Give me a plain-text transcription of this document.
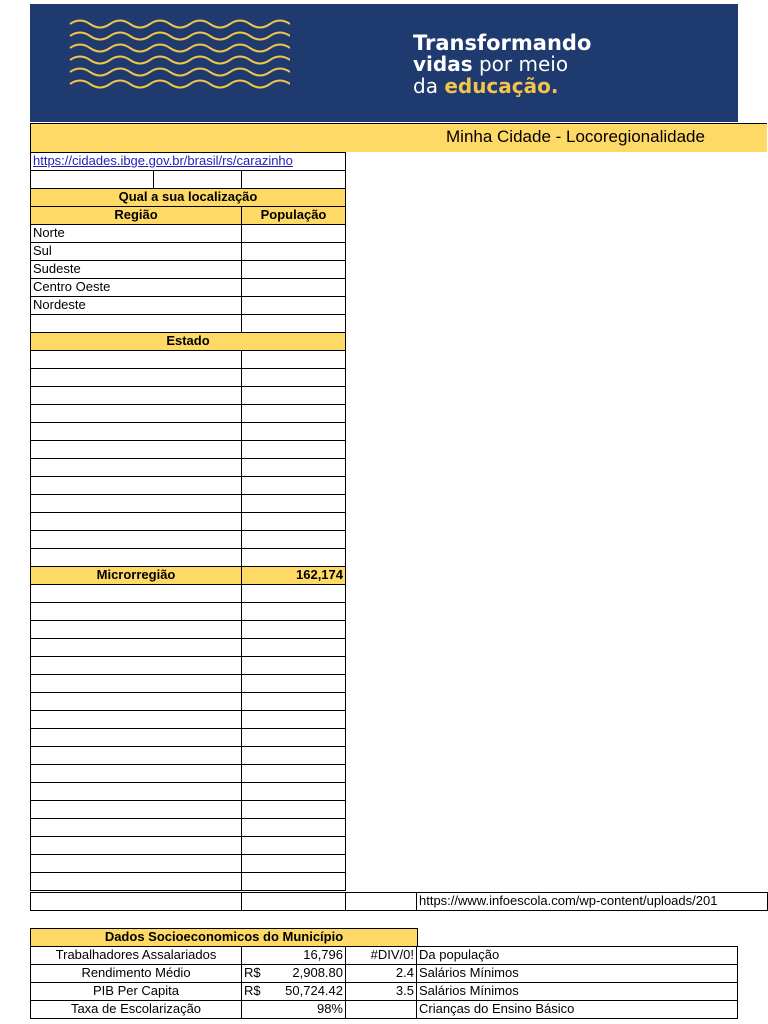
Transformando
vidas por meio
da educação.
Minha Cidade - Locoregionalidade
https://cidades.ibge.gov.br/brasil/rs/carazinho
Qual a sua localização
Região	População
Norte
Sul
Sudeste
Centro Oeste
Nordeste
Estado
Microrregião	162,174
https://www.infoescola.com/wp-content/uploads/201
Dados Socioeconomicos do Município
Trabalhadores Assalariados	16,796	#DIV/0! Da população
Rendimento Médio	R$	2,908.80	2.4 Salários Mínimos
PIB Per Capita	R$	50,724.42	3.5 Salários Mínimos
Taxa de Escolarização	98%	Crianças do Ensino Básico
